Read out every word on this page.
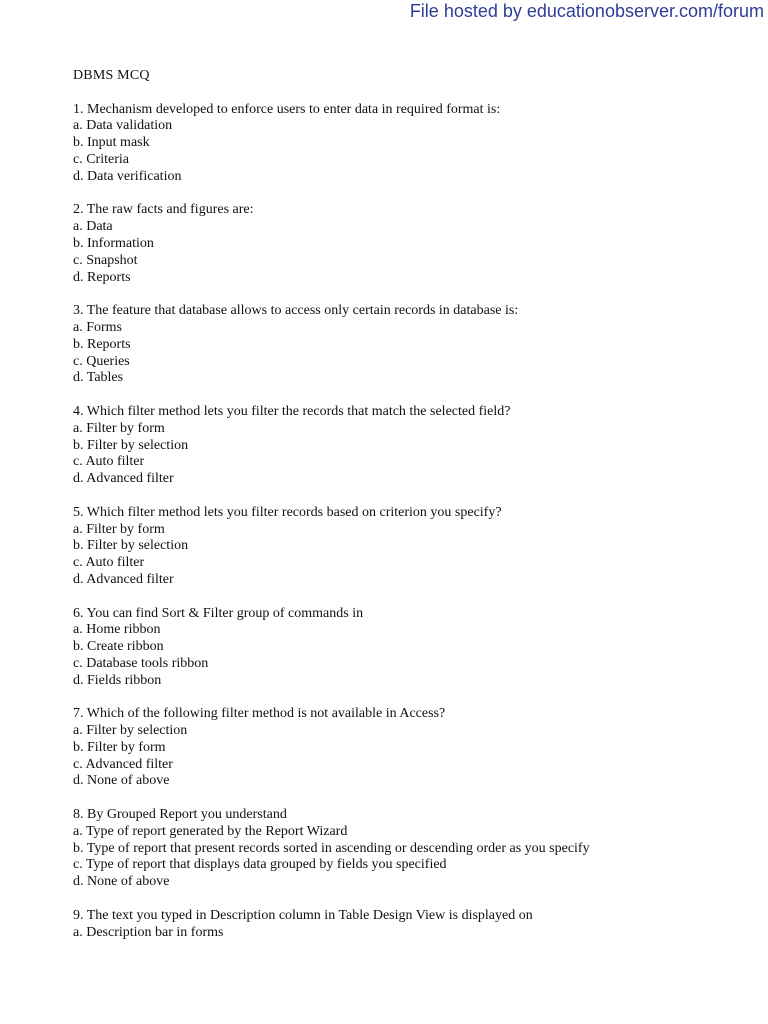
File hosted by educationobserver.com/forum
DBMS MCQ
1. Mechanism developed to enforce users to enter data in required format is:
a. Data validation
b. Input mask
c. Criteria
d. Data verification
2. The raw facts and figures are:
a. Data
b. Information
c. Snapshot
d. Reports
3. The feature that database allows to access only certain records in database is:
a. Forms
b. Reports
c. Queries
d. Tables
4. Which filter method lets you filter the records that match the selected field?
a. Filter by form
b. Filter by selection
c. Auto filter
d. Advanced filter
5. Which filter method lets you filter records based on criterion you specify?
a. Filter by form
b. Filter by selection
c. Auto filter
d. Advanced filter
6. You can find Sort & Filter group of commands in
a. Home ribbon
b. Create ribbon
c. Database tools ribbon
d. Fields ribbon
7. Which of the following filter method is not available in Access?
a. Filter by selection
b. Filter by form
c. Advanced filter
d. None of above
8. By Grouped Report you understand
a. Type of report generated by the Report Wizard
b. Type of report that present records sorted in ascending or descending order as you specify
c. Type of report that displays data grouped by fields you specified
d. None of above
9. The text you typed in Description column in Table Design View is displayed on
a. Description bar in forms
